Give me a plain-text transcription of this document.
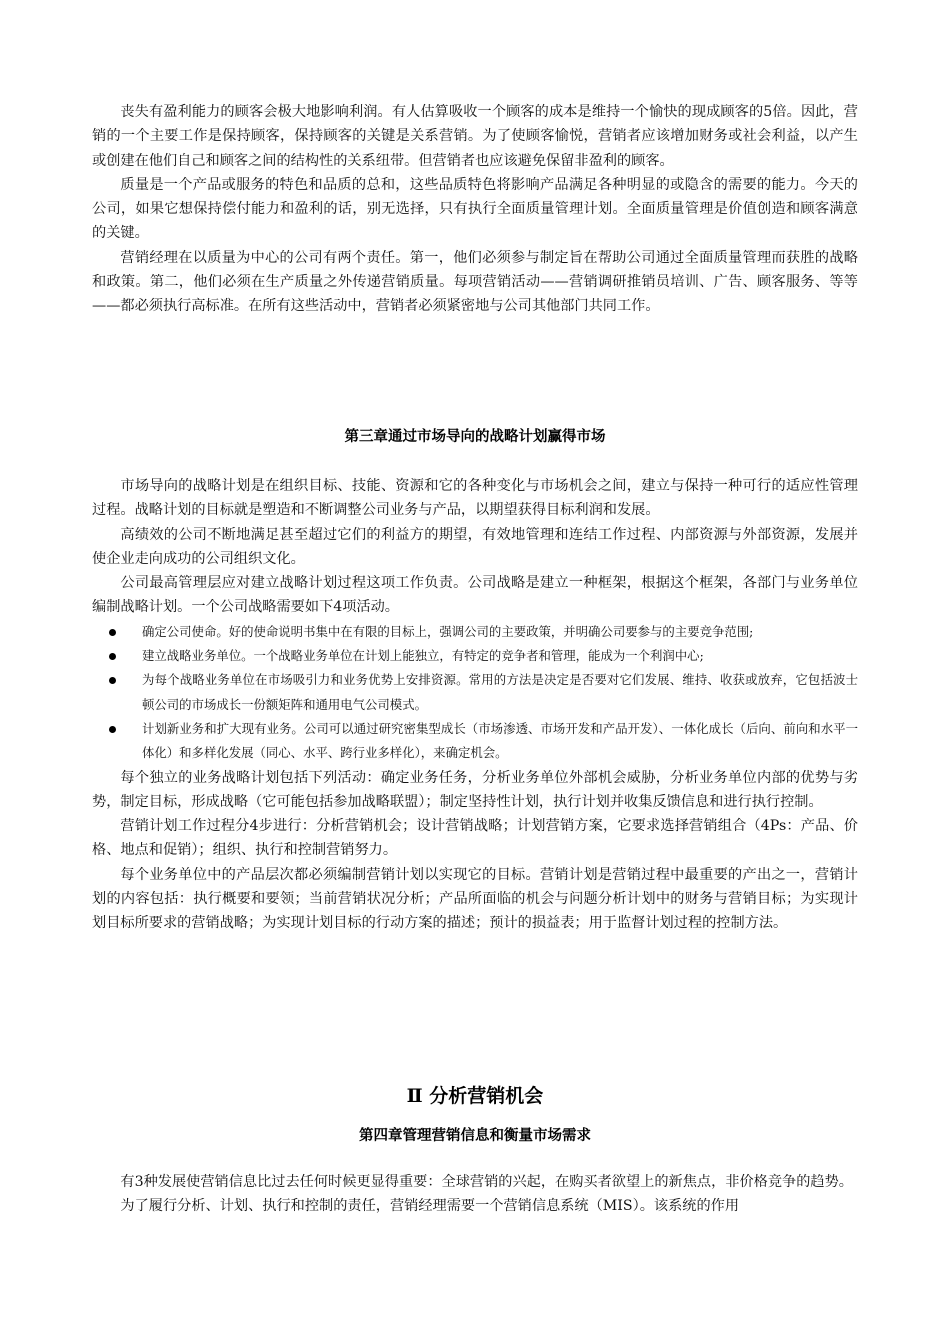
丧失有盈利能力的顾客会极大地影响利润。有人估算吸收一个顾客的成本是维持一个愉快的现成顾客的5倍。因此，营销的一个主要工作是保持顾客，保持顾客的关键是关系营销。为了使顾客愉悦，营销者应该增加财务或社会利益，以产生或创建在他们自己和顾客之间的结构性的关系纽带。但营销者也应该避免保留非盈利的顾客。

质量是一个产品或服务的特色和品质的总和，这些品质特色将影响产品满足各种明显的或隐含的需要的能力。今天的公司，如果它想保持偿付能力和盈利的话，别无选择，只有执行全面质量管理计划。全面质量管理是价值创造和顾客满意的关键。

营销经理在以质量为中心的公司有两个责任。第一，他们必须参与制定旨在帮助公司通过全面质量管理而获胜的战略和政策。第二，他们必须在生产质量之外传递营销质量。每项营销活动——营销调研推销员培训、广告、顾客服务、等等——都必须执行高标准。在所有这些活动中，营销者必须紧密地与公司其他部门共同工作。

第三章通过市场导向的战略计划赢得市场

市场导向的战略计划是在组织目标、技能、资源和它的各种变化与市场机会之间，建立与保持一种可行的适应性管理过程。战略计划的目标就是塑造和不断调整公司业务与产品，以期望获得目标利润和发展。

高绩效的公司不断地满足甚至超过它们的利益方的期望，有效地管理和连结工作过程、内部资源与外部资源，发展并使企业走向成功的公司组织文化。

公司最高管理层应对建立战略计划过程这项工作负责。公司战略是建立一种框架，根据这个框架，各部门与业务单位编制战略计划。一个公司战略需要如下4项活动。

确定公司使命。好的使命说明书集中在有限的目标上，强调公司的主要政策，并明确公司要参与的主要竞争范围;
建立战略业务单位。一个战略业务单位在计划上能独立，有特定的竞争者和管理，能成为一个利润中心;
为每个战略业务单位在市场吸引力和业务优势上安排资源。常用的方法是决定是否要对它们发展、维持、收获或放弃，它包括波士顿公司的市场成长一份额矩阵和通用电气公司模式。
计划新业务和扩大现有业务。公司可以通过研究密集型成长（市场渗透、市场开发和产品开发）、一体化成长（后向、前向和水平一体化）和多样化发展（同心、水平、跨行业多样化），来确定机会。

每个独立的业务战略计划包括下列活动：确定业务任务，分析业务单位外部机会威胁，分析业务单位内部的优势与劣势，制定目标，形成战略（它可能包括参加战略联盟）；制定坚持性计划，执行计划并收集反馈信息和进行执行控制。

营销计划工作过程分4步进行：分析营销机会；设计营销战略；计划营销方案，它要求选择营销组合（4Ps：产品、价格、地点和促销）；组织、执行和控制营销努力。

每个业务单位中的产品层次都必须编制营销计划以实现它的目标。营销计划是营销过程中最重要的产出之一，营销计划的内容包括：执行概要和要领；当前营销状况分析；产品所面临的机会与问题分析计划中的财务与营销目标；为实现计划目标所要求的营销战略；为实现计划目标的行动方案的描述；预计的损益表；用于监督计划过程的控制方法。

Ⅱ 分析营销机会
第四章管理营销信息和衡量市场需求

有3种发展使营销信息比过去任何时候更显得重要：全球营销的兴起，在购买者欲望上的新焦点，非价格竞争的趋势。

为了履行分析、计划、执行和控制的责任，营销经理需要一个营销信息系统（MIS）。该系统的作用
